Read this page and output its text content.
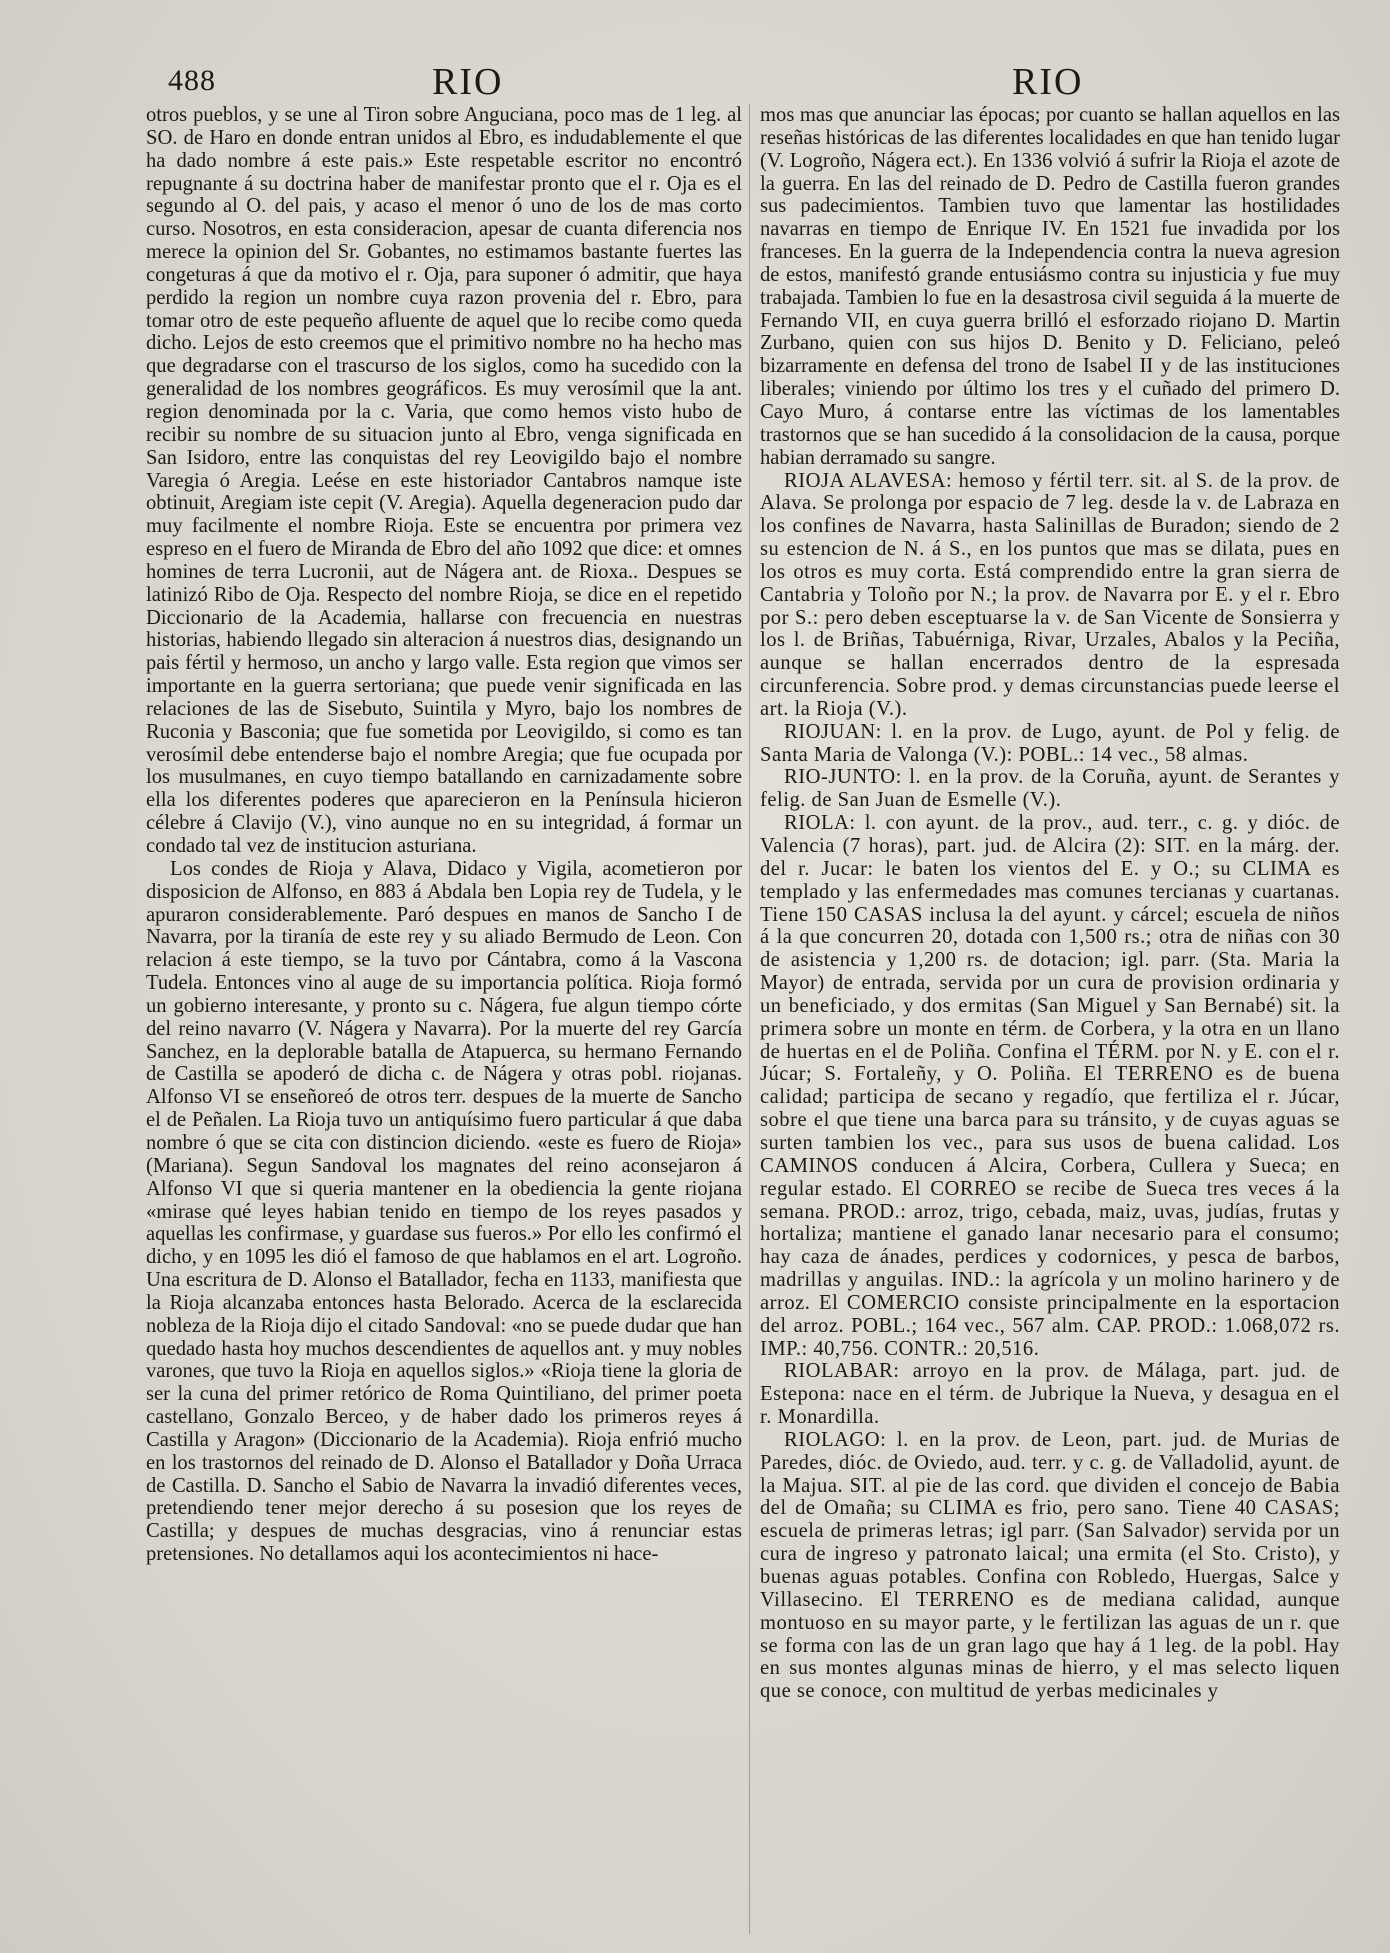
488	RIO	RIO

otros pueblos, y se une al Tiron sobre Anguciana, poco mas de 1 leg. al SO. de Haro en donde entran unidos al Ebro, es indudablemente el que ha dado nombre á este pais.» Este respetable escritor no encontró repugnante á su doctrina haber de manifestar pronto que el r. Oja es el segundo al O. del pais, y acaso el menor ó uno de los de mas corto curso. Nosotros, en esta consideracion, apesar de cuanta diferencia nos merece la opinion del Sr. Gobantes, no estimamos bastante fuertes las congeturas á que da motivo el r. Oja, para suponer ó admitir, que haya perdido la region un nombre cuya razon provenia del r. Ebro, para tomar otro de este pequeño afluente de aquel que lo recibe como queda dicho. Lejos de esto creemos que el primitivo nombre no ha hecho mas que degradarse con el trascurso de los siglos, como ha sucedido con la generalidad de los nombres geográficos. Es muy verosímil que la ant. region denominada por la c. Varia, que como hemos visto hubo de recibir su nombre de su situacion junto al Ebro, venga significada en San Isidoro, entre las conquistas del rey Leovigildo bajo el nombre Varegia ó Aregia. Leése en este historiador Cantabros namque iste obtinuit, Aregiam iste cepit (V. Aregia). Aquella degeneracion pudo dar muy facilmente el nombre Rioja. Este se encuentra por primera vez espreso en el fuero de Miranda de Ebro del año 1092 que dice: et omnes homines de terra Lucronii, aut de Nágera ant. de Rioxa.. Despues se latinizó Ribo de Oja. Respecto del nombre Rioja, se dice en el repetido Diccionario de la Academia, hallarse con frecuencia en nuestras historias, habiendo llegado sin alteracion á nuestros dias, designando un pais fértil y hermoso, un ancho y largo valle. Esta region que vimos ser importante en la guerra sertoriana; que puede venir significada en las relaciones de las de Sisebuto, Suintila y Myro, bajo los nombres de Ruconia y Basconia; que fue sometida por Leovigildo, si como es tan verosímil debe entenderse bajo el nombre Aregia; que fue ocupada por los musulmanes, en cuyo tiempo batallando en carnizadamente sobre ella los diferentes poderes que aparecieron en la Península hicieron célebre á Clavijo (V.), vino aunque no en su integridad, á formar un condado tal vez de institucion asturiana.

Los condes de Rioja y Alava, Didaco y Vigila, acometieron por disposicion de Alfonso, en 883 á Abdala ben Lopia rey de Tudela, y le apuraron considerablemente. Paró despues en manos de Sancho I de Navarra, por la tiranía de este rey y su aliado Bermudo de Leon. Con relacion á este tiempo, se la tuvo por Cántabra, como á la Vascona Tudela. Entonces vino al auge de su importancia política. Rioja formó un gobierno interesante, y pronto su c. Nágera, fue algun tiempo córte del reino navarro (V. Nágera y Navarra). Por la muerte del rey García Sanchez, en la deplorable batalla de Atapuerca, su hermano Fernando de Castilla se apoderó de dicha c. de Nágera y otras pobl. riojanas. Alfonso VI se enseñoreó de otros terr. despues de la muerte de Sancho el de Peñalen. La Rioja tuvo un antiquísimo fuero particular á que daba nombre ó que se cita con distincion diciendo. «este es fuero de Rioja» (Mariana). Segun Sandoval los magnates del reino aconsejaron á Alfonso VI que si queria mantener en la obediencia la gente riojana «mirase qué leyes habian tenido en tiempo de los reyes pasados y aquellas les confirmase, y guardase sus fueros.» Por ello les confirmó el dicho, y en 1095 les dió el famoso de que hablamos en el art. Logroño. Una escritura de D. Alonso el Batallador, fecha en 1133, manifiesta que la Rioja alcanzaba entonces hasta Belorado. Acerca de la esclarecida nobleza de la Rioja dijo el citado Sandoval: «no se puede dudar que han quedado hasta hoy muchos descendientes de aquellos ant. y muy nobles varones, que tuvo la Rioja en aquellos siglos.» «Rioja tiene la gloria de ser la cuna del primer retórico de Roma Quintiliano, del primer poeta castellano, Gonzalo Berceo, y de haber dado los primeros reyes á Castilla y Aragon» (Diccionario de la Academia). Rioja enfrió mucho en los trastornos del reinado de D. Alonso el Batallador y Doña Urraca de Castilla. D. Sancho el Sabio de Navarra la invadió diferentes veces, pretendiendo tener mejor derecho á su posesion que los reyes de Castilla; y despues de muchas desgracias, vino á renunciar estas pretensiones. No detallamos aqui los acontecimientos ni hace-

mos mas que anunciar las épocas; por cuanto se hallan aquellos en las reseñas históricas de las diferentes localidades en que han tenido lugar (V. Logroño, Nágera ect.). En 1336 volvió á sufrir la Rioja el azote de la guerra. En las del reinado de D. Pedro de Castilla fueron grandes sus padecimientos. Tambien tuvo que lamentar las hostilidades navarras en tiempo de Enrique IV. En 1521 fue invadida por los franceses. En la guerra de la Independencia contra la nueva agresion de estos, manifestó grande entusiásmo contra su injusticia y fue muy trabajada. Tambien lo fue en la desastrosa civil seguida á la muerte de Fernando VII, en cuya guerra brilló el esforzado riojano D. Martin Zurbano, quien con sus hijos D. Benito y D. Feliciano, peleó bizarramente en defensa del trono de Isabel II y de las instituciones liberales; viniendo por último los tres y el cuñado del primero D. Cayo Muro, á contarse entre las víctimas de los lamentables trastornos que se han sucedido á la consolidacion de la causa, porque habian derramado su sangre.

RIOJA ALAVESA: hemoso y fértil terr. sit. al S. de la prov. de Alava. Se prolonga por espacio de 7 leg. desde la v. de Labraza en los confines de Navarra, hasta Salinillas de Buradon; siendo de 2 su estencion de N. á S., en los puntos que mas se dilata, pues en los otros es muy corta. Está comprendido entre la gran sierra de Cantabria y Toloño por N.; la prov. de Navarra por E. y el r. Ebro por S.: pero deben esceptuarse la v. de San Vicente de Sonsierra y los l. de Briñas, Tabuérniga, Rivar, Urzales, Abalos y la Peciña, aunque se hallan encerrados dentro de la espresada circunferencia. Sobre prod. y demas circunstancias puede leerse el art. la Rioja (V.).

RIOJUAN: l. en la prov. de Lugo, ayunt. de Pol y felig. de Santa Maria de Valonga (V.): POBL.: 14 vec., 58 almas.

RIO-JUNTO: l. en la prov. de la Coruña, ayunt. de Serantes y felig. de San Juan de Esmelle (V.).

RIOLA: l. con ayunt. de la prov., aud. terr., c. g. y dióc. de Valencia (7 horas), part. jud. de Alcira (2): SIT. en la márg. der. del r. Jucar: le baten los vientos del E. y O.; su CLIMA es templado y las enfermedades mas comunes tercianas y cuartanas. Tiene 150 CASAS inclusa la del ayunt. y cárcel; escuela de niños á la que concurren 20, dotada con 1,500 rs.; otra de niñas con 30 de asistencia y 1,200 rs. de dotacion; igl. parr. (Sta. Maria la Mayor) de entrada, servida por un cura de provision ordinaria y un beneficiado, y dos ermitas (San Miguel y San Bernabé) sit. la primera sobre un monte en térm. de Corbera, y la otra en un llano de huertas en el de Poliña. Confina el TÉRM. por N. y E. con el r. Júcar; S. Fortaleñy, y O. Poliña. El TERRENO es de buena calidad; participa de secano y regadío, que fertiliza el r. Júcar, sobre el que tiene una barca para su tránsito, y de cuyas aguas se surten tambien los vec., para sus usos de buena calidad. Los CAMINOS conducen á Alcira, Corbera, Cullera y Sueca; en regular estado. El CORREO se recibe de Sueca tres veces á la semana. PROD.: arroz, trigo, cebada, maiz, uvas, judías, frutas y hortaliza; mantiene el ganado lanar necesario para el consumo; hay caza de ánades, perdices y codornices, y pesca de barbos, madrillas y anguilas. IND.: la agrícola y un molino harinero y de arroz. El COMERCIO consiste principalmente en la esportacion del arroz. POBL.; 164 vec., 567 alm. CAP. PROD.: 1.068,072 rs. IMP.: 40,756. CONTR.: 20,516.

RIOLABAR: arroyo en la prov. de Málaga, part. jud. de Estepona: nace en el térm. de Jubrique la Nueva, y desagua en el r. Monardilla.

RIOLAGO: l. en la prov. de Leon, part. jud. de Murias de Paredes, dióc. de Oviedo, aud. terr. y c. g. de Valladolid, ayunt. de la Majua. SIT. al pie de las cord. que dividen el concejo de Babia del de Omaña; su CLIMA es frio, pero sano. Tiene 40 CASAS; escuela de primeras letras; igl parr. (San Salvador) servida por un cura de ingreso y patronato laical; una ermita (el Sto. Cristo), y buenas aguas potables. Confina con Robledo, Huergas, Salce y Villasecino. El TERRENO es de mediana calidad, aunque montuoso en su mayor parte, y le fertilizan las aguas de un r. que se forma con las de un gran lago que hay á 1 leg. de la pobl. Hay en sus montes algunas minas de hierro, y el mas selecto liquen que se conoce, con multitud de yerbas medicinales y
